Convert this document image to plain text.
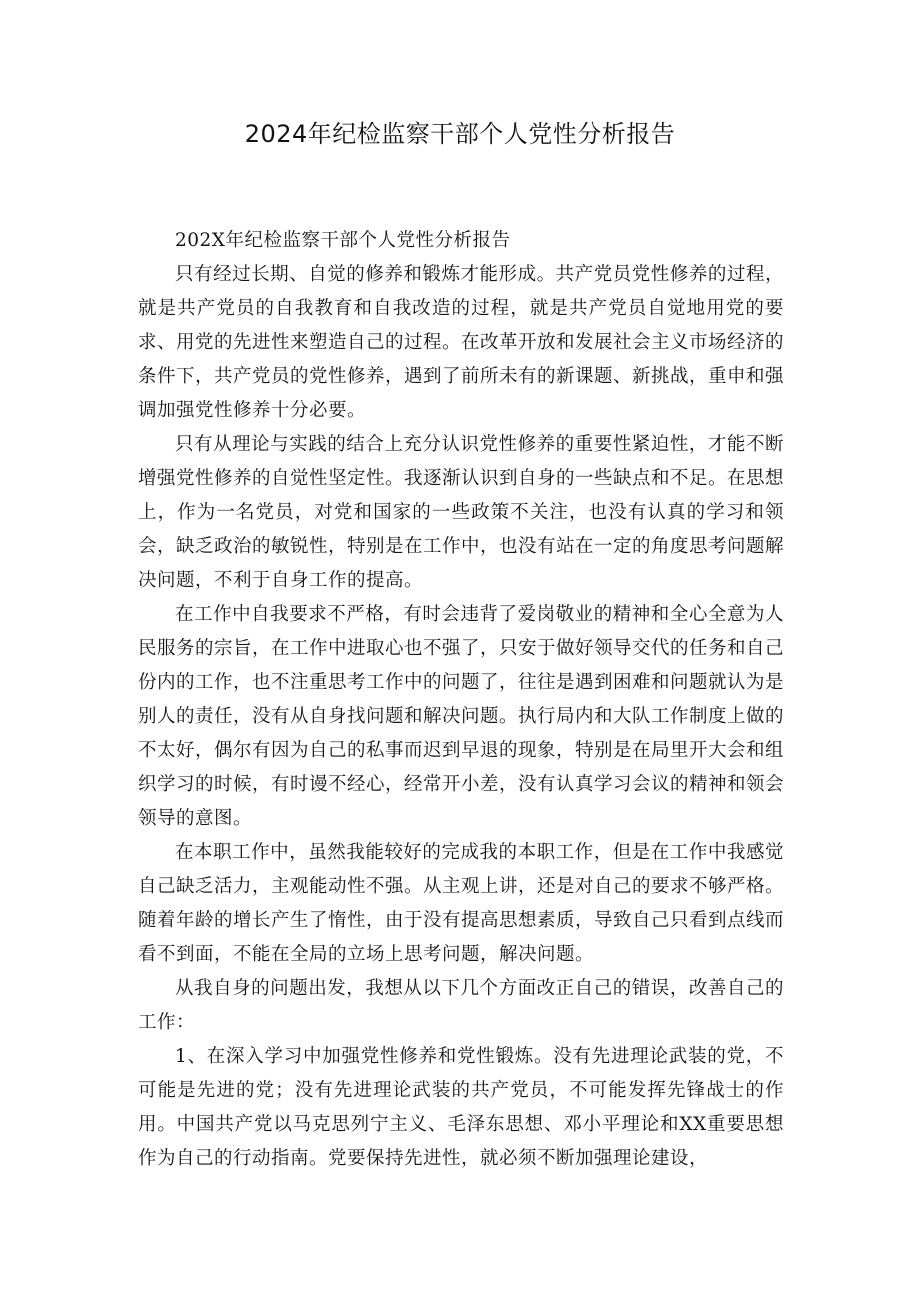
2024年纪检监察干部个人党性分析报告

202X年纪检监察干部个人党性分析报告

只有经过长期、自觉的修养和锻炼才能形成。共产党员党性修养的过程，就是共产党员的自我教育和自我改造的过程，就是共产党员自觉地用党的要求、用党的先进性来塑造自己的过程。在改革开放和发展社会主义市场经济的条件下，共产党员的党性修养，遇到了前所未有的新课题、新挑战，重申和强调加强党性修养十分必要。

只有从理论与实践的结合上充分认识党性修养的重要性紧迫性，才能不断增强党性修养的自觉性坚定性。我逐渐认识到自身的一些缺点和不足。在思想上，作为一名党员，对党和国家的一些政策不关注，也没有认真的学习和领会，缺乏政治的敏锐性，特别是在工作中，也没有站在一定的角度思考问题解决问题，不利于自身工作的提高。

在工作中自我要求不严格，有时会违背了爱岗敬业的精神和全心全意为人民服务的宗旨，在工作中进取心也不强了，只安于做好领导交代的任务和自己份内的工作，也不注重思考工作中的问题了，往往是遇到困难和问题就认为是别人的责任，没有从自身找问题和解决问题。执行局内和大队工作制度上做的不太好，偶尔有因为自己的私事而迟到早退的现象，特别是在局里开大会和组织学习的时候，有时谩不经心，经常开小差，没有认真学习会议的精神和领会领导的意图。

在本职工作中，虽然我能较好的完成我的本职工作，但是在工作中我感觉自己缺乏活力，主观能动性不强。从主观上讲，还是对自己的要求不够严格。随着年龄的增长产生了惰性，由于没有提高思想素质，导致自己只看到点线而看不到面，不能在全局的立场上思考问题，解决问题。

从我自身的问题出发，我想从以下几个方面改正自己的错误，改善自己的工作：

1、在深入学习中加强党性修养和党性锻炼。没有先进理论武装的党，不可能是先进的党；没有先进理论武装的共产党员，不可能发挥先锋战士的作用。中国共产党以马克思列宁主义、毛泽东思想、邓小平理论和XX重要思想作为自己的行动指南。党要保持先进性，就必须不断加强理论建设，
